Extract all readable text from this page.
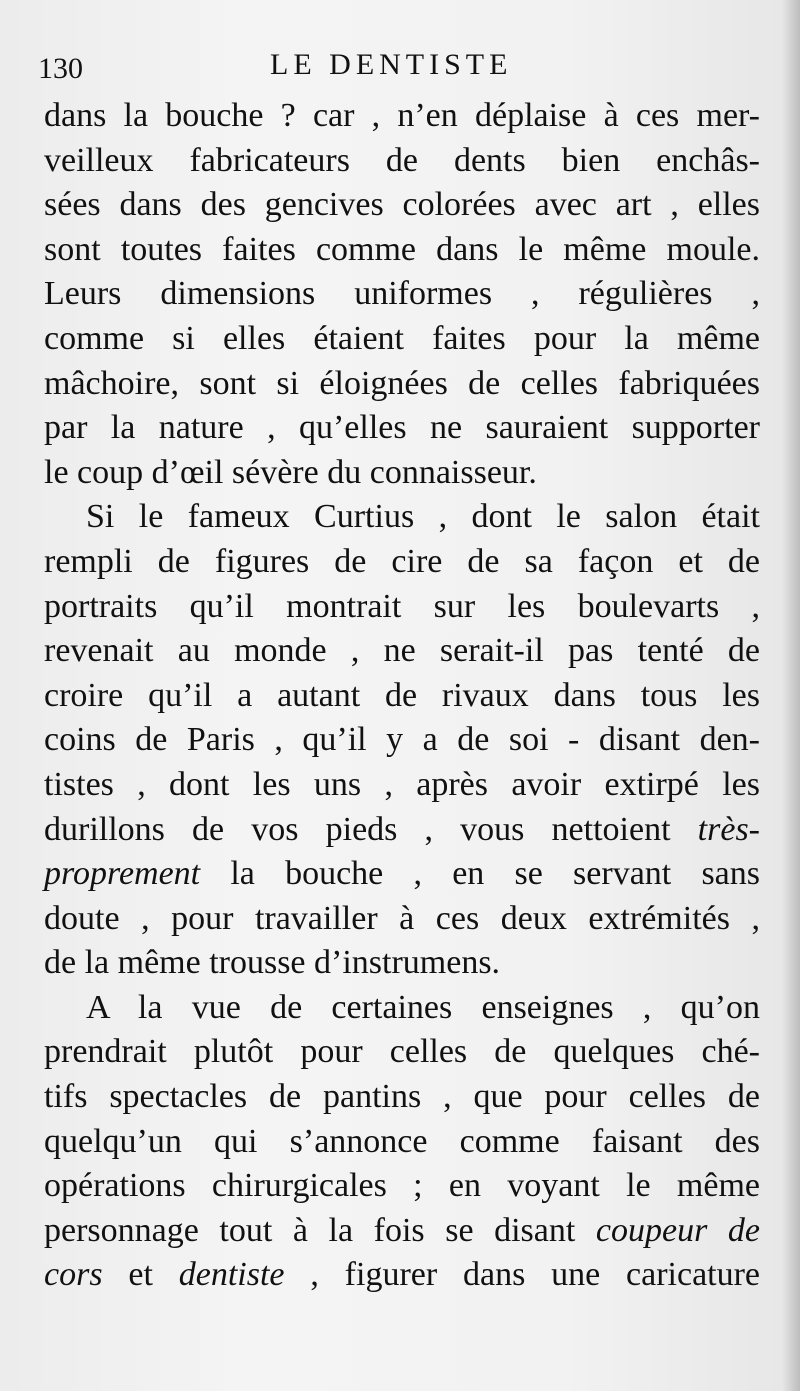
130	LE DENTISTE
dans la bouche ? car , n’en déplaise à ces mer-
veilleux fabricateurs de dents bien enchâs-
sées dans des gencives colorées avec art , elles
sont toutes faites comme dans le même moule.
Leurs dimensions uniformes , régulières ,
comme si elles étaient faites pour la même
mâchoire, sont si éloignées de celles fabriquées
par la nature , qu’elles ne sauraient supporter
le coup d’œil sévère du connaisseur.
Si le fameux Curtius , dont le salon était
rempli de figures de cire de sa façon et de
portraits qu’il montrait sur les boulevarts ,
revenait au monde , ne serait-il pas tenté de
croire qu’il a autant de rivaux dans tous les
coins de Paris , qu’il y a de soi - disant den-
tistes , dont les uns , après avoir extirpé les
durillons de vos pieds , vous nettoient très-
proprement la bouche , en se servant sans
doute , pour travailler à ces deux extrémités ,
de la même trousse d’instrumens.
A la vue de certaines enseignes , qu’on
prendrait plutôt pour celles de quelques ché-
tifs spectacles de pantins , que pour celles de
quelqu’un qui s’annonce comme faisant des
opérations chirurgicales ; en voyant le même
personnage tout à la fois se disant coupeur de
cors et dentiste , figurer dans une caricature
